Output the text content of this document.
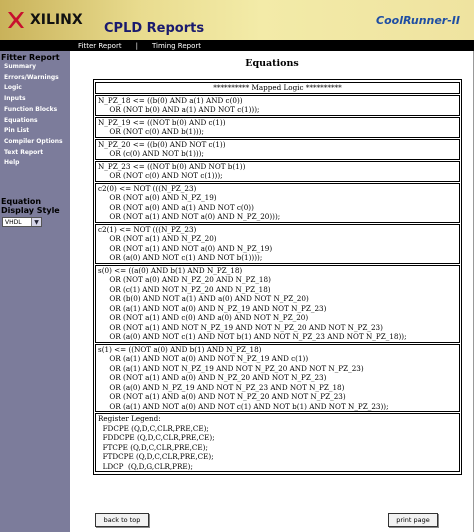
XILINX
CPLD Reports
CoolRunner-II
Fitter Report | Timing Report
Fitter Report
Summary
Errors/Warnings
Logic
Inputs
Function Blocks
Equations
Pin List
Compiler Options
Text Report
Help
Equation
Display Style
VHDL	▼
Equations
********** Mapped Logic **********
N_PZ_18 <= ((b(0) AND a(1) AND c(0))
OR (NOT b(0) AND a(1) AND NOT c(1)));
N_PZ_19 <= ((NOT b(0) AND c(1))
OR (NOT c(0) AND b(1)));
N_PZ_20 <= ((b(0) AND NOT c(1))
OR (c(0) AND NOT b(1)));
N_PZ_23 <= ((NOT b(0) AND NOT b(1))
OR (NOT c(0) AND NOT c(1)));
c2(0) <= NOT (((N_PZ_23)
OR (NOT a(0) AND N_PZ_19)
OR (NOT a(0) AND a(1) AND NOT c(0))
OR (NOT a(1) AND NOT a(0) AND N_PZ_20)));
c2(1) <= NOT (((N_PZ_23)
OR (NOT a(1) AND N_PZ_20)
OR (NOT a(1) AND NOT a(0) AND N_PZ_19)
OR (a(0) AND NOT c(1) AND NOT b(1))));
s(0) <= ((a(0) AND b(1) AND N_PZ_18)
OR (NOT a(0) AND N_PZ_20 AND N_PZ_18)
OR (c(1) AND NOT N_PZ_20 AND N_PZ_18)
OR (b(0) AND NOT a(1) AND a(0) AND NOT N_PZ_20)
OR (a(1) AND NOT a(0) AND N_PZ_19 AND NOT N_PZ_23)
OR (NOT a(1) AND c(0) AND a(0) AND NOT N_PZ_20)
OR (NOT a(1) AND NOT N_PZ_19 AND NOT N_PZ_20 AND NOT N_PZ_23)
OR (a(0) AND NOT c(1) AND NOT b(1) AND NOT N_PZ_23 AND NOT N_PZ_18));
s(1) <= ((NOT a(0) AND b(1) AND N_PZ_18)
OR (a(1) AND NOT a(0) AND NOT N_PZ_19 AND c(1))
OR (a(1) AND NOT N_PZ_19 AND NOT N_PZ_20 AND NOT N_PZ_23)
OR (NOT a(1) AND a(0) AND N_PZ_20 AND NOT N_PZ_23)
OR (a(0) AND N_PZ_19 AND NOT N_PZ_23 AND NOT N_PZ_18)
OR (NOT a(1) AND a(0) AND NOT N_PZ_20 AND NOT N_PZ_23)
OR (a(1) AND NOT a(0) AND NOT c(1) AND NOT b(1) AND NOT N_PZ_23));
Register Legend:
FDCPE (Q,D,C,CLR,PRE,CE);
FDDCPE (Q,D,C,CLR,PRE,CE);
FTCPE (Q,D,C,CLR,PRE,CE);
FTDCPE (Q,D,C,CLR,PRE,CE);
LDCP  (Q,D,G,CLR,PRE);
back to top	print page
